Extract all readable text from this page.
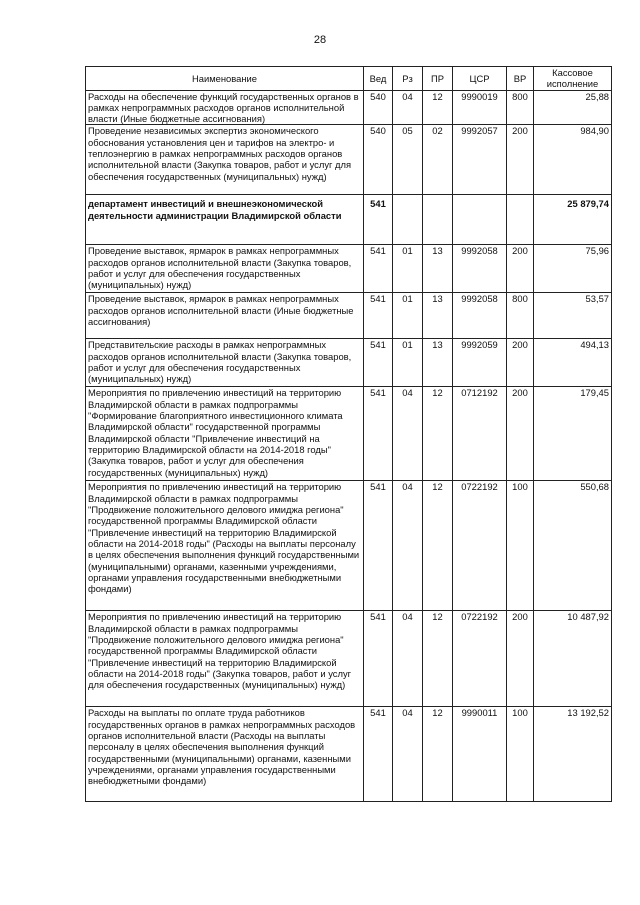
28
Наименование	Вед	Рз	ПР	ЦСР	ВР	Кассовое исполнение
Расходы на обеспечение функций государственных органов в рамках непрограммных расходов органов исполнительной власти (Иные бюджетные ассигнования)	540	04	12	9990019	800	25,88
Проведение независимых экспертиз экономического обоснования установления цен и тарифов на электро- и теплоэнергию в рамках непрограммных расходов органов исполнительной власти (Закупка товаров, работ и услуг для обеспечения государственных (муниципальных) нужд)	540	05	02	9992057	200	984,90
департамент инвестиций и внешнеэкономической деятельности администрации Владимирской области	541					25 879,74
Проведение выставок, ярмарок в рамках непрограммных расходов органов исполнительной власти (Закупка товаров, работ и услуг для обеспечения государственных (муниципальных) нужд)	541	01	13	9992058	200	75,96
Проведение выставок, ярмарок в рамках непрограммных расходов органов исполнительной власти (Иные бюджетные ассигнования)	541	01	13	9992058	800	53,57
Представительские расходы в рамках непрограммных расходов органов исполнительной власти (Закупка товаров, работ и услуг для обеспечения государственных (муниципальных) нужд)	541	01	13	9992059	200	494,13
Мероприятия по привлечению инвестиций на территорию Владимирской области в рамках подпрограммы "Формирование благоприятного инвестиционного климата Владимирской области" государственной программы Владимирской области "Привлечение инвестиций на территорию Владимирской области на 2014-2018 годы" (Закупка товаров, работ и услуг для обеспечения государственных (муниципальных) нужд)	541	04	12	0712192	200	179,45
Мероприятия по привлечению инвестиций на территорию Владимирской области в рамках подпрограммы "Продвижение положительного делового имиджа региона" государственной программы Владимирской области "Привлечение инвестиций на территорию Владимирской области на 2014-2018 годы" (Расходы на выплаты персоналу в целях обеспечения выполнения функций государственными (муниципальными) органами, казенными учреждениями, органами управления государственными внебюджетными фондами)	541	04	12	0722192	100	550,68
Мероприятия по привлечению инвестиций на территорию Владимирской области в рамках подпрограммы "Продвижение положительного делового имиджа региона" государственной программы Владимирской области "Привлечение инвестиций на территорию Владимирской области на 2014-2018 годы" (Закупка товаров, работ и услуг для обеспечения государственных (муниципальных) нужд)	541	04	12	0722192	200	10 487,92
Расходы на выплаты по оплате труда работников государственных органов в рамках непрограммных расходов органов исполнительной власти (Расходы на выплаты персоналу в целях обеспечения выполнения функций государственными (муниципальными) органами, казенными учреждениями, органами управления государственными внебюджетными фондами)	541	04	12	9990011	100	13 192,52
